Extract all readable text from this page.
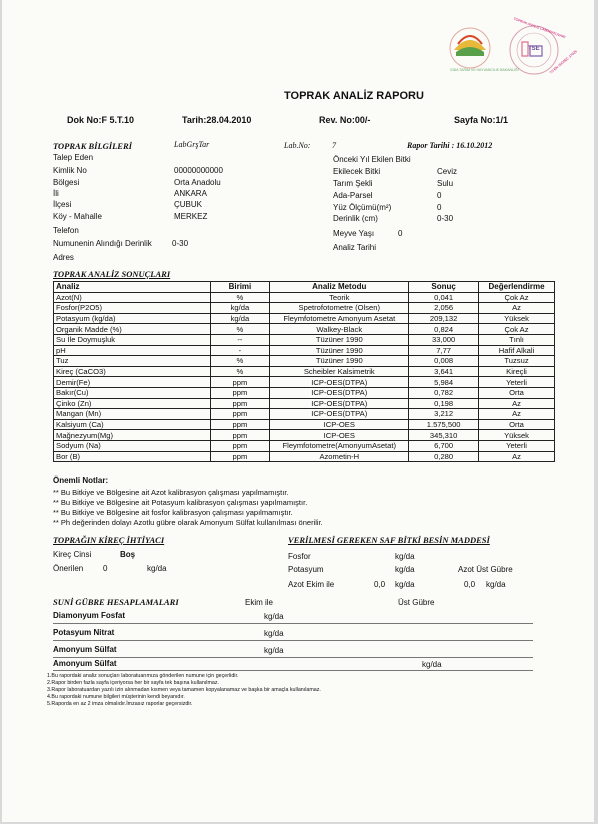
GIDA TARIM VE HAYVANCILIK BAKANLIĞI
TOPRAK ANALİZ LABORATUVARI
TS EN ISO/IEC 17025
TSE
TOPRAK ANALİZ RAPORU
Dok No:F 5.T.10	Tarih:28.04.2010	Rev. No:00/-	Sayfa No:1/1
TOPRAK BİLGİLERİ	LabGrşTar	Lab.No:	7	Rapor Tarihi : 16.10.2012
Talep Eden
Kimlik No	00000000000
Bölgesi	Orta Anadolu
İli	ANKARA
İlçesi	ÇUBUK
Köy - Mahalle	MERKEZ
Telefon
Numunenin Alındığı Derinlik	0-30
Adres
Önceki Yıl Ekilen Bitki
Ekilecek Bitki	Ceviz
Tarım Şekli	Sulu
Ada-Parsel	0
Yüz Ölçümü(m²)	0
Derinlik (cm)	0-30
Meyve Yaşı	0
Analiz Tarihi
TOPRAK ANALİZ SONUÇLARI
Analiz	Birimi	Analiz Metodu	Sonuç	Değerlendirme
Azot(N)	%	Teorik	0,041	Çok Az
Fosfor(P2O5)	kg/da	Spetrofotometre (Olsen)	2,056	Az
Potasyum (kg/da)	kg/da	Fleymfotometre Amonyum Asetat	209,132	Yüksek
Organik Madde (%)	%	Walkey-Black	0,824	Çok Az
Su İle Doymuşluk	--	Tüzüner 1990	33,000	Tınlı
pH	-	Tüzüner 1990	7,77	Hafif Alkali
Tuz	%	Tüzüner 1990	0,008	Tuzsuz
Kireç (CaCO3)	%	Scheibler Kalsimetrik	3,641	Kireçli
Demir(Fe)	ppm	ICP-OES(DTPA)	5,984	Yeterli
Bakır(Cu)	ppm	ICP-OES(DTPA)	0,782	Orta
Çinko (Zn)	ppm	ICP-OES(DTPA)	0,198	Az
Mangan (Mn)	ppm	ICP-OES(DTPA)	3,212	Az
Kalsiyum (Ca)	ppm	ICP-OES	1.575,500	Orta
Mağnezyum(Mg)	ppm	ICP-OES	345,310	Yüksek
Sodyum (Na)	ppm	Fleymfotometre(AmonyumAsetat)	6,700	Yeterli
Bor (B)	ppm	Azometin-H	0,280	Az
Önemli Notlar:
** Bu Bitkiye ve Bölgesine ait Azot kalibrasyon çalışması yapılmamıştır.
** Bu Bitkiye ve Bölgesine ait Potasyum kalibrasyon çalışması yapılmamıştır.
** Bu Bitkiye ve Bölgesine ait fosfor kalibrasyon çalışması yapılmamıştır.
** Ph değerinden dolayı Azotlu gübre olarak Amonyum Sülfat kullanılması önerilir.
TOPRAĞIN KİREÇ İHTİYACI
Kireç Cinsi	Boş
Önerilen 0	kg/da
VERİLMESİ GEREKEN SAF BİTKİ BESİN MADDESİ
Fosfor	kg/da
Potasyum	kg/da	Azot Üst Gübre
Azot Ekim ile	0,0 kg/da	0,0 kg/da
SUNİ GÜBRE HESAPLAMALARI	Ekim ile	Üst Gübre
Diamonyum Fosfat	kg/da
Potasyum Nitrat	kg/da
Amonyum Sülfat	kg/da
Amonyum Sülfat	kg/da
1.Bu rapordaki analiz sonuçları laboratuarımıza gönderilen numune için geçerlidir.
2.Rapor birden fazla sayfa içeriyorsa her bir sayfa tek başına kullanılmaz.
3.Rapor laboratuardan yazılı izin alınmadan kısmen veya tamamen kopyalanamaz ve başka bir amaçla kullanılamaz.
4.Bu rapordaki numune bilgileri müşterinin kendi beyanıdır.
5.Raporda en az 2 imza olmalıdır.İmzasız raporlar geçersizdir.
